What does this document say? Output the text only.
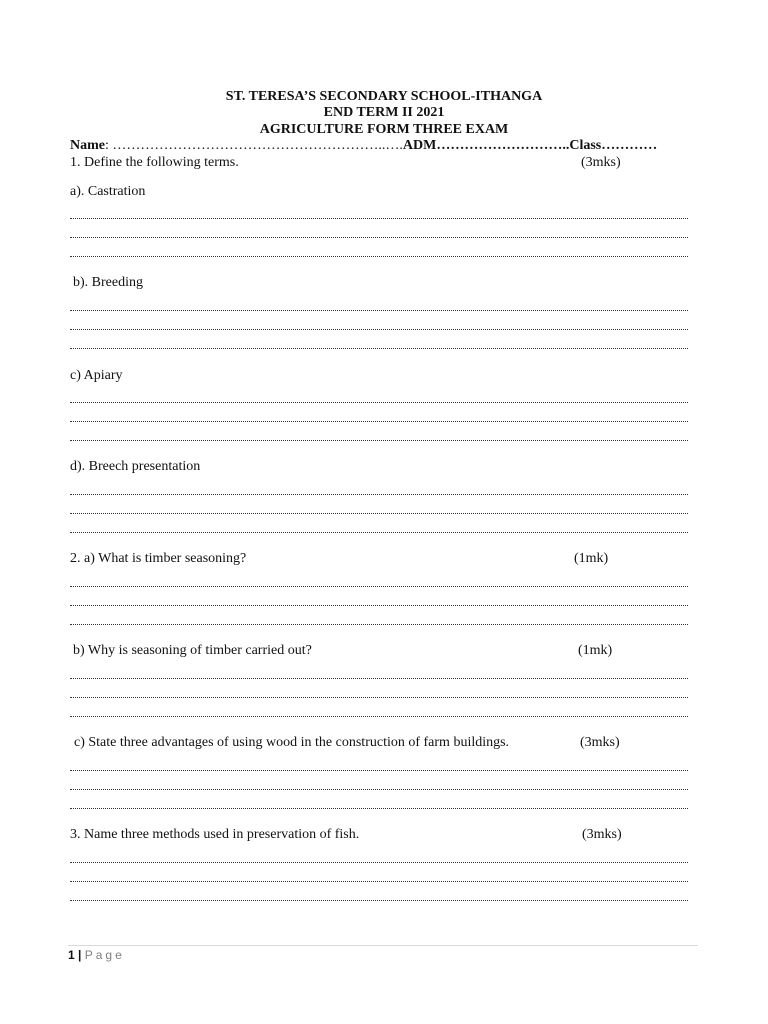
ST. TERESA’S SECONDARY SCHOOL-ITHANGA
END TERM II 2021
AGRICULTURE FORM THREE EXAM
Name: …………………………………………………..….ADM………………………..Class…………
1. Define the following terms.	(3mks)
a). Castration
b). Breeding
c) Apiary
d). Breech presentation
2. a) What is timber seasoning?	(1mk)
b) Why is seasoning of timber carried out?	(1mk)
c) State three advantages of using wood in the construction of farm buildings.	(3mks)
3. Name three methods used in preservation of fish.	(3mks)
1 | Page
